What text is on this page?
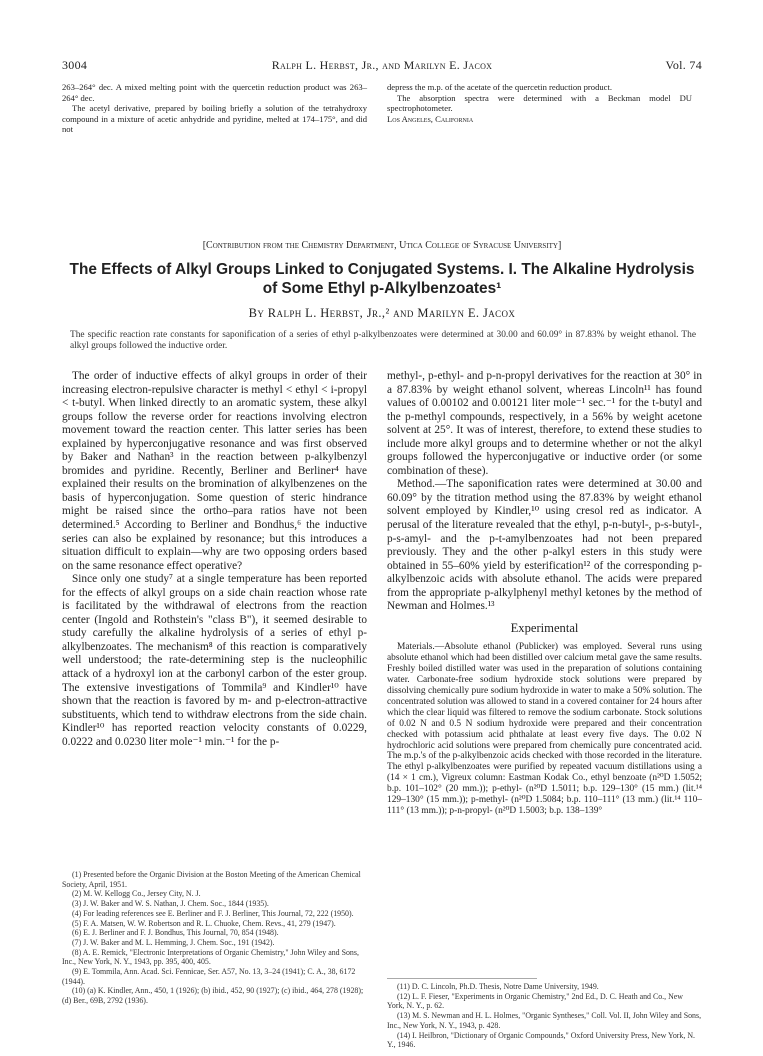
3004	Ralph L. Herbst, Jr., and Marilyn E. Jacox	Vol. 74

263–264° dec. A mixed melting point with the quercetin reduction product was 263–264° dec.

The acetyl derivative, prepared by boiling briefly a solution of the tetrahydroxy compound in a mixture of acetic anhydride and pyridine, melted at 174–175°, and did not

depress the m.p. of the acetate of the quercetin reduction product.

The absorption spectra were determined with a Beckman model DU spectrophotometer.

Los Angeles, California

[Contribution from the Chemistry Department, Utica College of Syracuse University]
The Effects of Alkyl Groups Linked to Conjugated Systems. I. The Alkaline Hydrolysis
of Some Ethyl p-Alkylbenzoates¹
By Ralph L. Herbst, Jr.,² and Marilyn E. Jacox
The specific reaction rate constants for saponification of a series of ethyl p-alkylbenzoates were determined at 30.00 and 60.09° in 87.83% by weight ethanol. The alkyl groups followed the inductive order.

The order of inductive effects of alkyl groups in order of their increasing electron-repulsive character is methyl < ethyl < i-propyl < t-butyl. When linked directly to an aromatic system, these alkyl groups follow the reverse order for reactions involving electron movement toward the reaction center. This latter series has been explained by hyperconjugative resonance and was first observed by Baker and Nathan³ in the reaction between p-alkylbenzyl bromides and pyridine. Recently, Berliner and Berliner⁴ have explained their results on the bromination of alkylbenzenes on the basis of hyperconjugation. Some question of steric hindrance might be raised since the ortho–para ratios have not been determined.⁵ According to Berliner and Bondhus,⁶ the inductive series can also be explained by resonance; but this introduces a situation difficult to explain—why are two opposing orders based on the same resonance effect operative?

Since only one study⁷ at a single temperature has been reported for the effects of alkyl groups on a side chain reaction whose rate is facilitated by the withdrawal of electrons from the reaction center (Ingold and Rothstein's "class B"), it seemed desirable to study carefully the alkaline hydrolysis of a series of ethyl p-alkylbenzoates. The mechanism⁸ of this reaction is comparatively well understood; the rate-determining step is the nucleophilic attack of a hydroxyl ion at the carbonyl carbon of the ester group. The extensive investigations of Tommila⁹ and Kindler¹⁰ have shown that the reaction is favored by m- and p-electron-attractive substituents, which tend to withdraw electrons from the side chain. Kindler¹⁰ has reported reaction velocity constants of 0.0229, 0.0222 and 0.0230 liter mole⁻¹ min.⁻¹ for the p-

methyl-, p-ethyl- and p-n-propyl derivatives for the reaction at 30° in a 87.83% by weight ethanol solvent, whereas Lincoln¹¹ has found values of 0.00102 and 0.00121 liter mole⁻¹ sec.⁻¹ for the t-butyl and the p-methyl compounds, respectively, in a 56% by weight acetone solvent at 25°. It was of interest, therefore, to extend these studies to include more alkyl groups and to determine whether or not the alkyl groups followed the hyperconjugative or inductive order (or some combination of these).

Method.—The saponification rates were determined at 30.00 and 60.09° by the titration method using the 87.83% by weight ethanol solvent employed by Kindler,¹⁰ using cresol red as indicator. A perusal of the literature revealed that the ethyl, p-n-butyl-, p-s-butyl-, p-s-amyl- and the p-t-amylbenzoates had not been prepared previously. They and the other p-alkyl esters in this study were obtained in 55–60% yield by esterification¹² of the corresponding p-alkylbenzoic acids with absolute ethanol. The acids were prepared from the appropriate p-alkylphenyl methyl ketones by the method of Newman and Holmes.¹³

Experimental

Materials.—Absolute ethanol (Publicker) was employed. Several runs using absolute ethanol which had been distilled over calcium metal gave the same results. Freshly boiled distilled water was used in the preparation of solutions containing water. Carbonate-free sodium hydroxide stock solutions were prepared by dissolving chemically pure sodium hydroxide in water to make a 50% solution. The concentrated solution was allowed to stand in a covered container for 24 hours after which the clear liquid was filtered to remove the sodium carbonate. Stock solutions of 0.02 N and 0.5 N sodium hydroxide were prepared and their concentration checked with potassium acid phthalate at least every five days. The 0.02 N hydrochloric acid solutions were prepared from chemically pure concentrated acid. The m.p.'s of the p-alkylbenzoic acids checked with those recorded in the literature. The ethyl p-alkylbenzoates were purified by repeated vacuum distillations using a (14 × 1 cm.), Vigreux column: Eastman Kodak Co., ethyl benzoate (n²⁰D 1.5052; b.p. 101–102° (20 mm.)); p-ethyl- (n²⁰D 1.5011; b.p. 129–130° (15 mm.) (lit.¹⁴ 129–130° (15 mm.)); p-methyl- (n²⁰D 1.5084; b.p. 110–111° (13 mm.) (lit.¹⁴ 110–111° (13 mm.)); p-n-propyl- (n²⁰D 1.5003; b.p. 138–139°

(1) Presented before the Organic Division at the Boston Meeting of the American Chemical Society, April, 1951.

(2) M. W. Kellogg Co., Jersey City, N. J.

(3) J. W. Baker and W. S. Nathan, J. Chem. Soc., 1844 (1935).

(4) For leading references see E. Berliner and F. J. Berliner, This Journal, 72, 222 (1950).

(5) F. A. Matsen, W. W. Robertson and R. L. Chuoke, Chem. Revs., 41, 279 (1947).

(6) E. J. Berliner and F. J. Bondhus, This Journal, 70, 854 (1948).

(7) J. W. Baker and M. L. Hemming, J. Chem. Soc., 191 (1942).

(8) A. E. Remick, "Electronic Interpretations of Organic Chemistry," John Wiley and Sons, Inc., New York, N. Y., 1943, pp. 395, 400, 405.

(9) E. Tommila, Ann. Acad. Sci. Fennicae, Ser. A57, No. 13, 3–24 (1941); C. A., 38, 6172 (1944).

(10) (a) K. Kindler, Ann., 450, 1 (1926); (b) ibid., 452, 90 (1927); (c) ibid., 464, 278 (1928); (d) Ber., 69B, 2792 (1936).

(11) D. C. Lincoln, Ph.D. Thesis, Notre Dame University, 1949.

(12) L. F. Fieser, "Experiments in Organic Chemistry," 2nd Ed., D. C. Heath and Co., New York, N. Y., p. 62.

(13) M. S. Newman and H. L. Holmes, "Organic Syntheses," Coll. Vol. II, John Wiley and Sons, Inc., New York, N. Y., 1943, p. 428.

(14) I. Heilbron, "Dictionary of Organic Compounds," Oxford University Press, New York, N. Y., 1946.
